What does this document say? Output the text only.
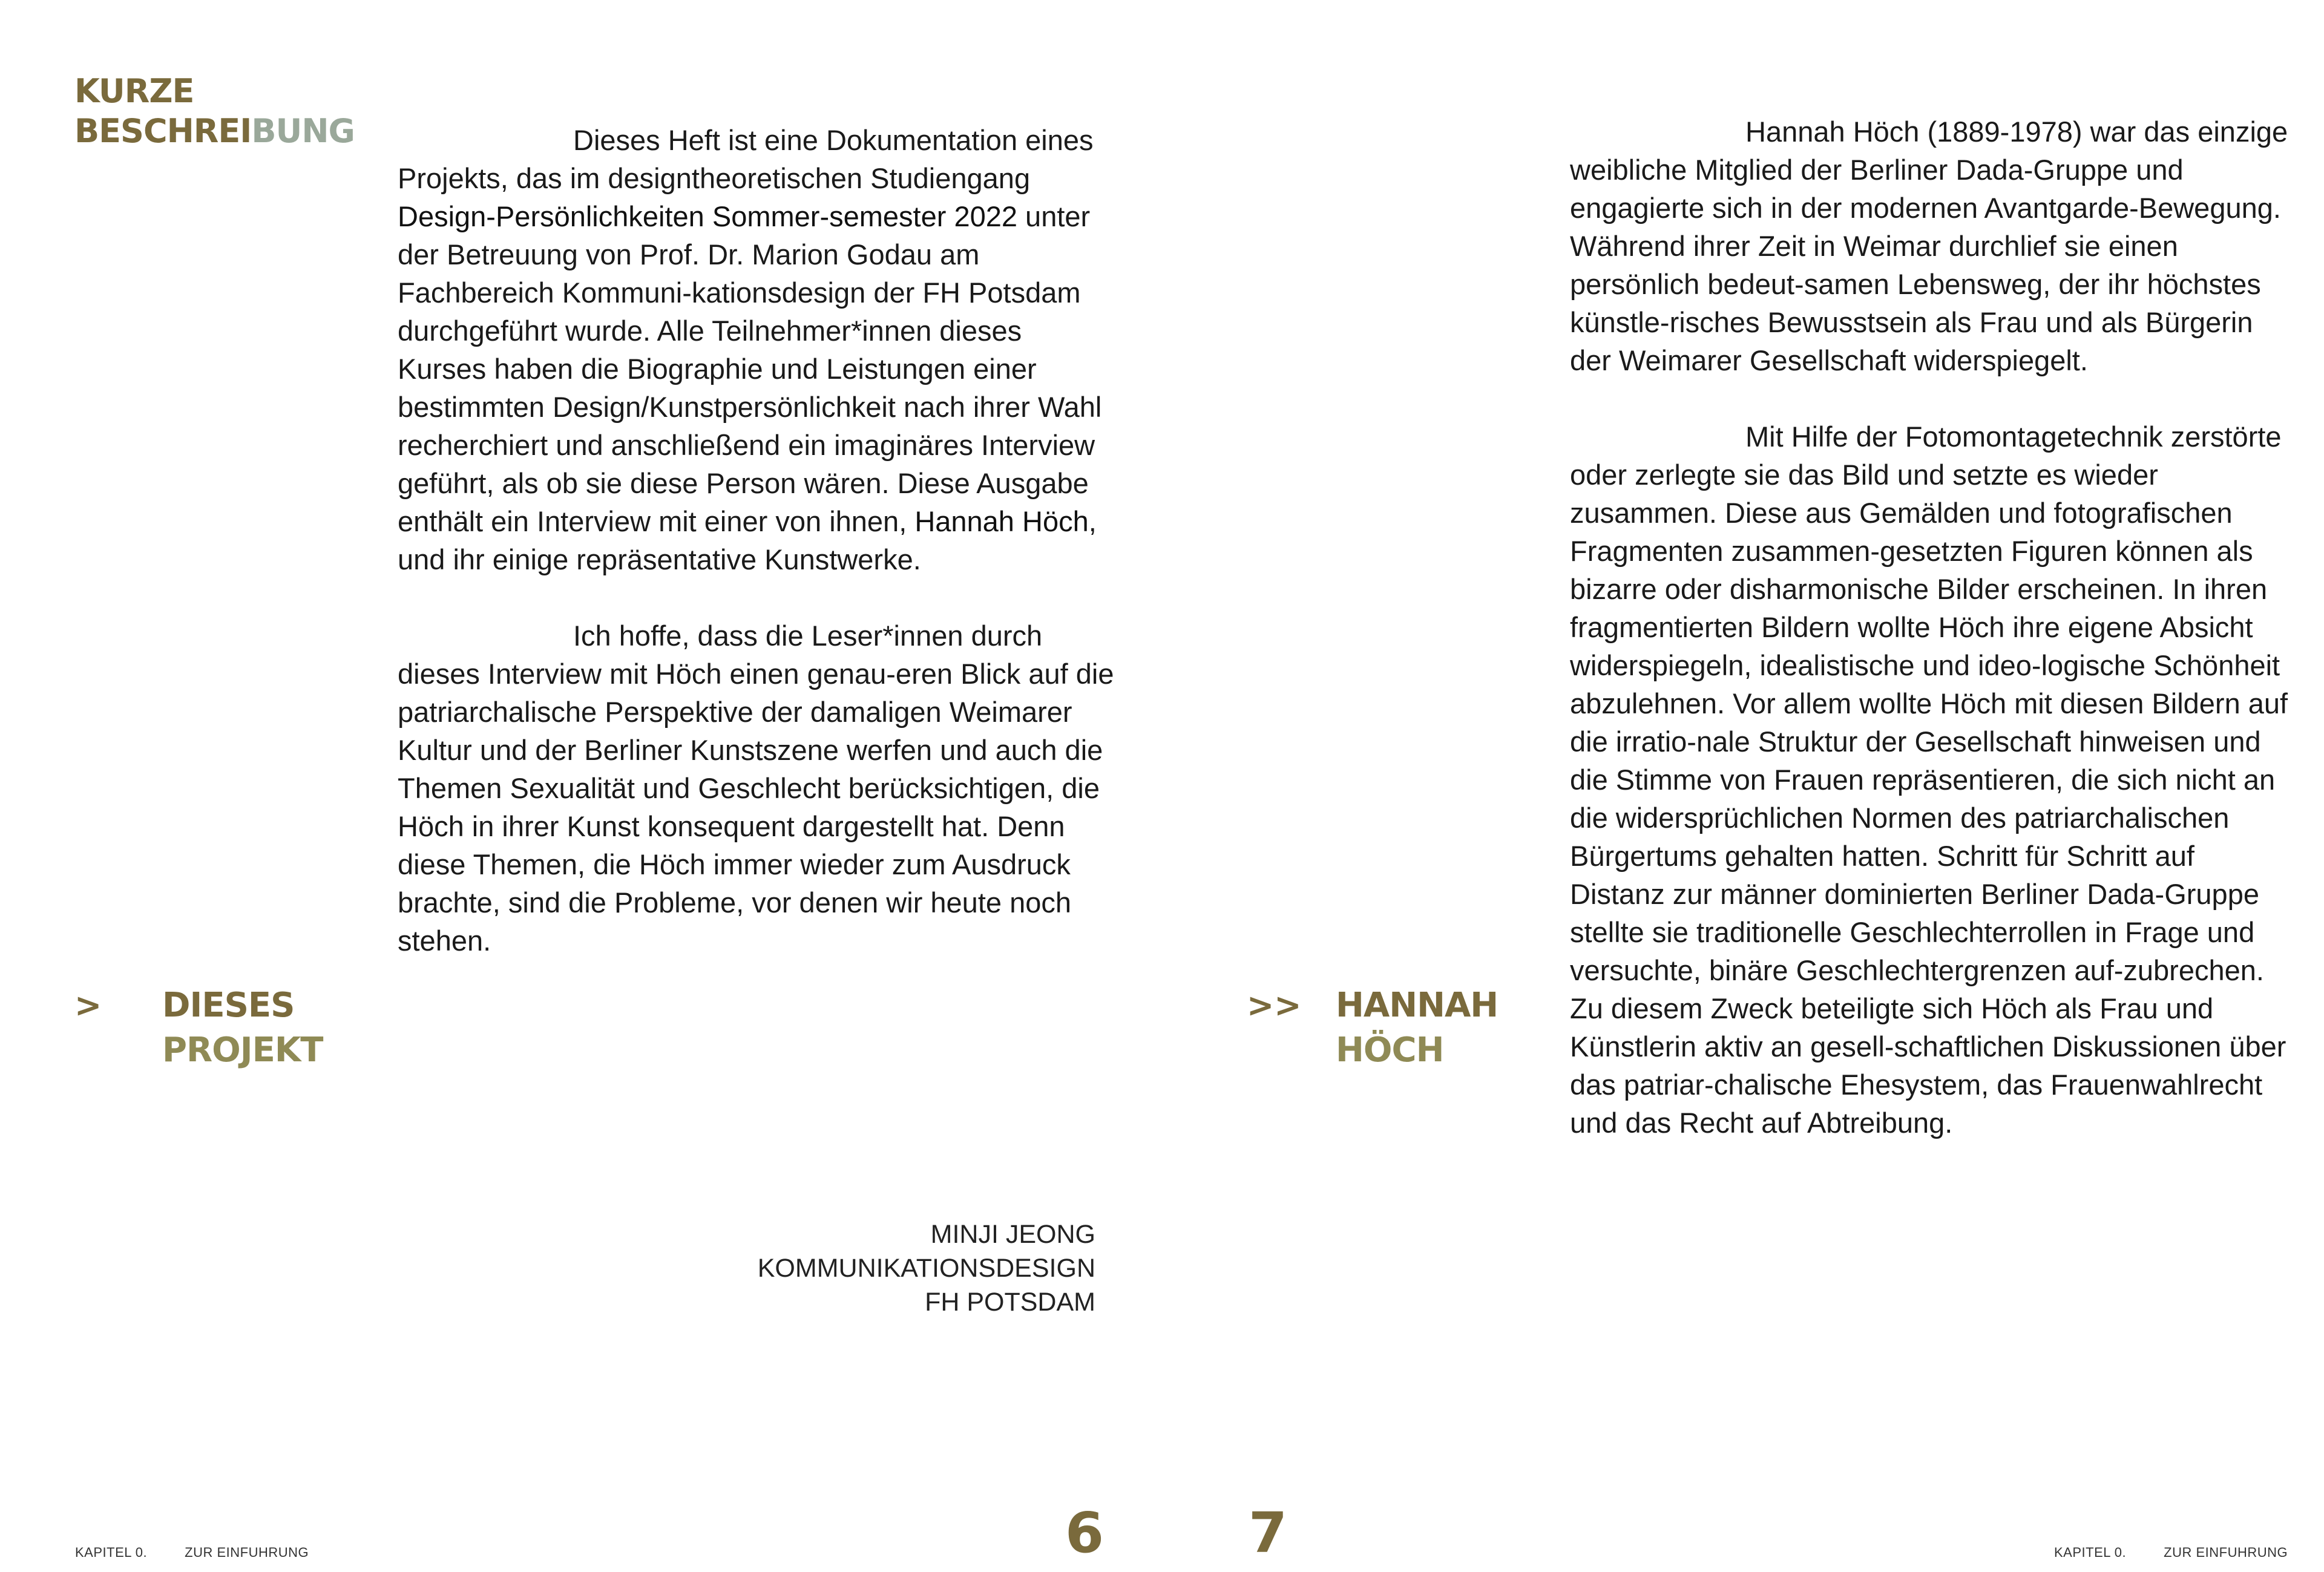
KURZE
BESCHREIBUNG	Dieses Heft ist eine Dokumentation eines Projekts, das im designtheoretischen Studiengang Design-Persönlichkeiten Sommer-semester 2022 unter der Betreuung von Prof. Dr. Marion Godau am Fachbereich Kommuni-kationsdesign der FH Potsdam durchgeführt wurde. Alle Teilnehmer*innen dieses Kurses haben die Biographie und Leistungen einer bestimmten Design/Kunstpersönlichkeit nach ihrer Wahl recherchiert und anschließend ein imaginäres Interview geführt, als ob sie diese Person wären. Diese Ausgabe enthält ein Interview mit einer von ihnen, Hannah Höch, und ihr einige repräsentative Kunstwerke.

Ich hoffe, dass die Leser*innen durch dieses Interview mit Höch einen genau-eren Blick auf die patriarchalische Perspektive der damaligen Weimarer Kultur und der Berliner Kunstszene werfen und auch die Themen Sexualität und Geschlecht berücksichtigen, die Höch in ihrer Kunst konsequent dargestellt hat. Denn diese Themen, die Höch immer wieder zum Ausdruck brachte, sind die Probleme, vor denen wir heute noch stehen.

> DIESES
PROJEKT
MINJI JEONG
KOMMUNIKATIONSDESIGN
FH POTSDAM
6
KAPITEL 0.	ZUR EINFUHRUNG
>> HANNAH
HÖCH

Hannah Höch (1889-1978) war das einzige weibliche Mitglied der Berliner Dada-Gruppe und engagierte sich in der modernen Avantgarde-Bewegung. Während ihrer Zeit in Weimar durchlief sie einen persönlich bedeut-samen Lebensweg, der ihr höchstes künstle-risches Bewusstsein als Frau und als Bürgerin der Weimarer Gesellschaft widerspiegelt.

Mit Hilfe der Fotomontagetechnik zerstörte oder zerlegte sie das Bild und setzte es wieder zusammen. Diese aus Gemälden und fotografischen Fragmenten zusammen-gesetzten Figuren können als bizarre oder disharmonische Bilder erscheinen. In ihren fragmentierten Bildern wollte Höch ihre eigene Absicht widerspiegeln, idealistische und ideo-logische Schönheit abzulehnen. Vor allem wollte Höch mit diesen Bildern auf die irratio-nale Struktur der Gesellschaft hinweisen und die Stimme von Frauen repräsentieren, die sich nicht an die widersprüchlichen Normen des patriarchalischen Bürgertums gehalten hatten. Schritt für Schritt auf Distanz zur männer dominierten Berliner Dada-Gruppe stellte sie traditionelle Geschlechterrollen in Frage und versuchte, binäre Geschlechtergrenzen auf-zubrechen. Zu diesem Zweck beteiligte sich Höch als Frau und Künstlerin aktiv an gesell-schaftlichen Diskussionen über das patriar-chalische Ehesystem, das Frauenwahlrecht und das Recht auf Abtreibung.

7	KAPITEL 0.	ZUR EINFUHRUNG
